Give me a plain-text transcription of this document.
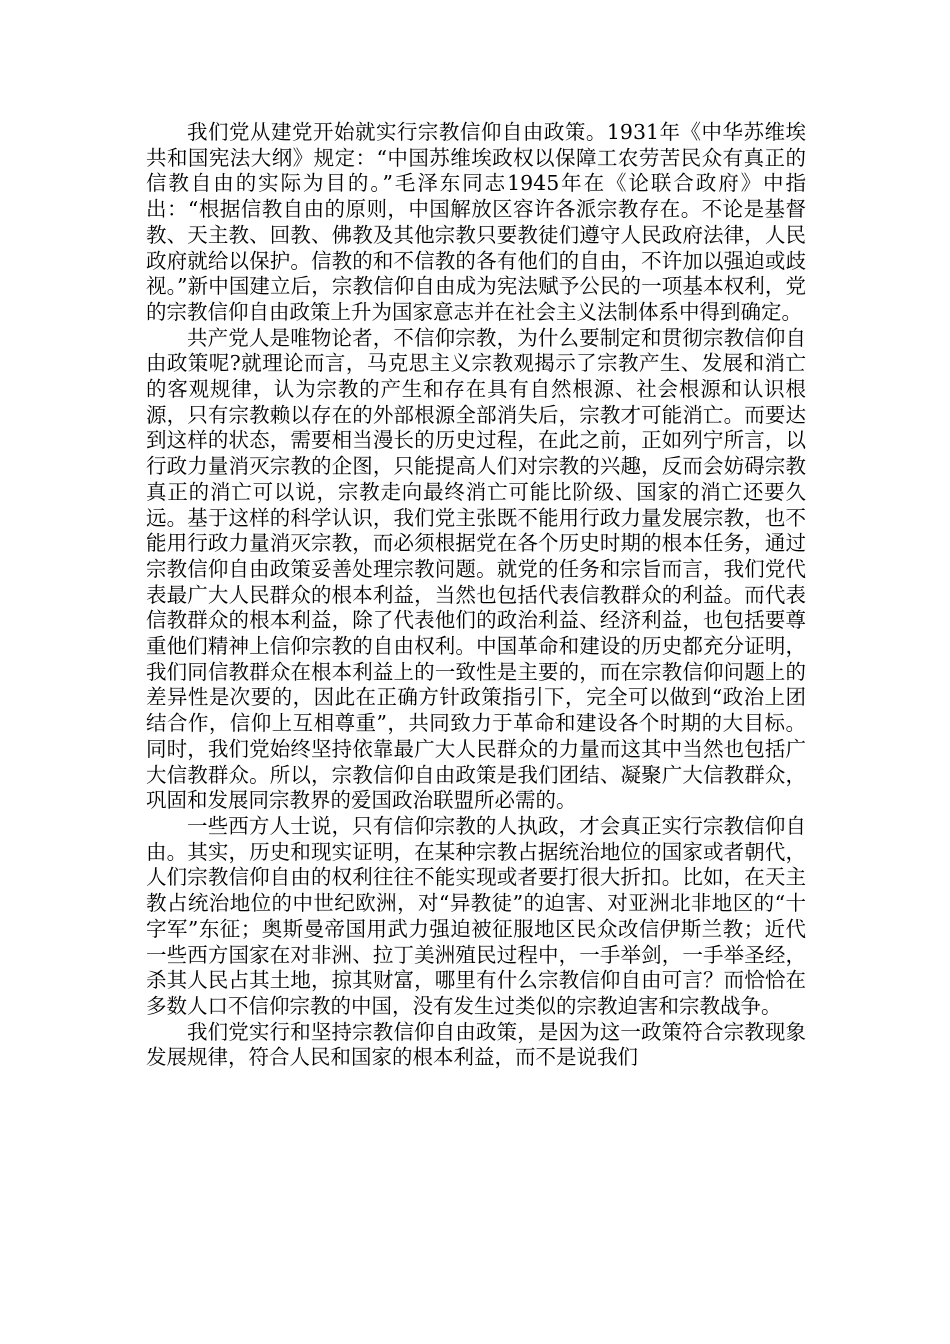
我们党从建党开始就实行宗教信仰自由政策。1931年《中华苏维埃共和国宪法大纲》规定：“中国苏维埃政权以保障工农劳苦民众有真正的信教自由的实际为目的。”毛泽东同志1945年在《论联合政府》中指出：“根据信教自由的原则，中国解放区容许各派宗教存在。不论是基督教、天主教、回教、佛教及其他宗教只要教徒们遵守人民政府法律，人民政府就给以保护。信教的和不信教的各有他们的自由，不许加以强迫或歧视。”新中国建立后，宗教信仰自由成为宪法赋予公民的一项基本权利，党的宗教信仰自由政策上升为国家意志并在社会主义法制体系中得到确定。

共产党人是唯物论者，不信仰宗教，为什么要制定和贯彻宗教信仰自由政策呢?就理论而言，马克思主义宗教观揭示了宗教产生、发展和消亡的客观规律，认为宗教的产生和存在具有自然根源、社会根源和认识根源，只有宗教赖以存在的外部根源全部消失后，宗教才可能消亡。而要达到这样的状态，需要相当漫长的历史过程，在此之前，正如列宁所言，以行政力量消灭宗教的企图，只能提高人们对宗教的兴趣，反而会妨碍宗教真正的消亡可以说，宗教走向最终消亡可能比阶级、国家的消亡还要久远。基于这样的科学认识，我们党主张既不能用行政力量发展宗教，也不能用行政力量消灭宗教，而必须根据党在各个历史时期的根本任务，通过宗教信仰自由政策妥善处理宗教问题。就党的任务和宗旨而言，我们党代表最广大人民群众的根本利益，当然也包括代表信教群众的利益。而代表信教群众的根本利益，除了代表他们的政治利益、经济利益，也包括要尊重他们精神上信仰宗教的自由权利。中国革命和建设的历史都充分证明，我们同信教群众在根本利益上的一致性是主要的，而在宗教信仰问题上的差异性是次要的，因此在正确方针政策指引下，完全可以做到“政治上团结合作，信仰上互相尊重”，共同致力于革命和建设各个时期的大目标。同时，我们党始终坚持依靠最广大人民群众的力量而这其中当然也包括广大信教群众。所以，宗教信仰自由政策是我们团结、凝聚广大信教群众，巩固和发展同宗教界的爱国政治联盟所必需的。

一些西方人士说，只有信仰宗教的人执政，才会真正实行宗教信仰自由。其实，历史和现实证明，在某种宗教占据统治地位的国家或者朝代，人们宗教信仰自由的权利往往不能实现或者要打很大折扣。比如，在天主教占统治地位的中世纪欧洲，对“异教徒”的迫害、对亚洲北非地区的“十字军”东征；奥斯曼帝国用武力强迫被征服地区民众改信伊斯兰教；近代一些西方国家在对非洲、拉丁美洲殖民过程中，一手举剑，一手举圣经，杀其人民占其土地，掠其财富，哪里有什么宗教信仰自由可言？而恰恰在多数人口不信仰宗教的中国，没有发生过类似的宗教迫害和宗教战争。

我们党实行和坚持宗教信仰自由政策，是因为这一政策符合宗教现象发展规律，符合人民和国家的根本利益，而不是说我们
